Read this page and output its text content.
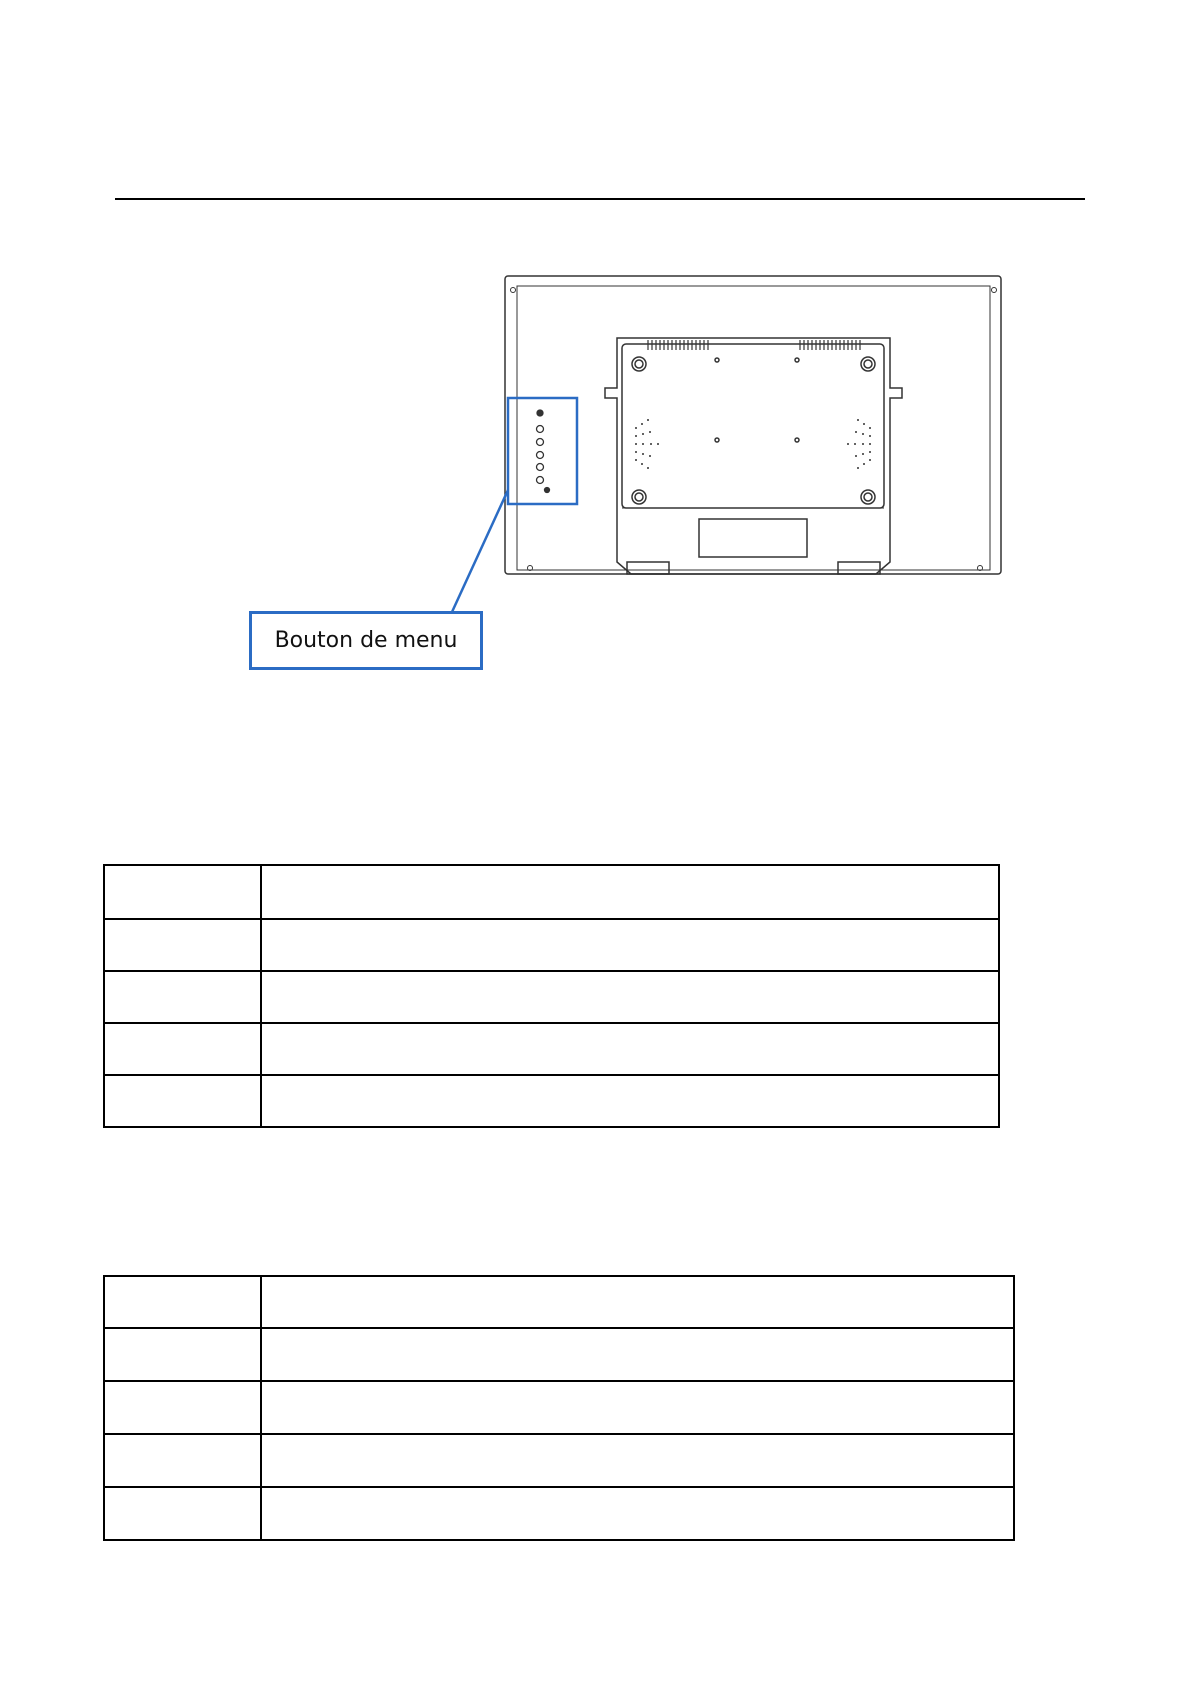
Bouton de menu
